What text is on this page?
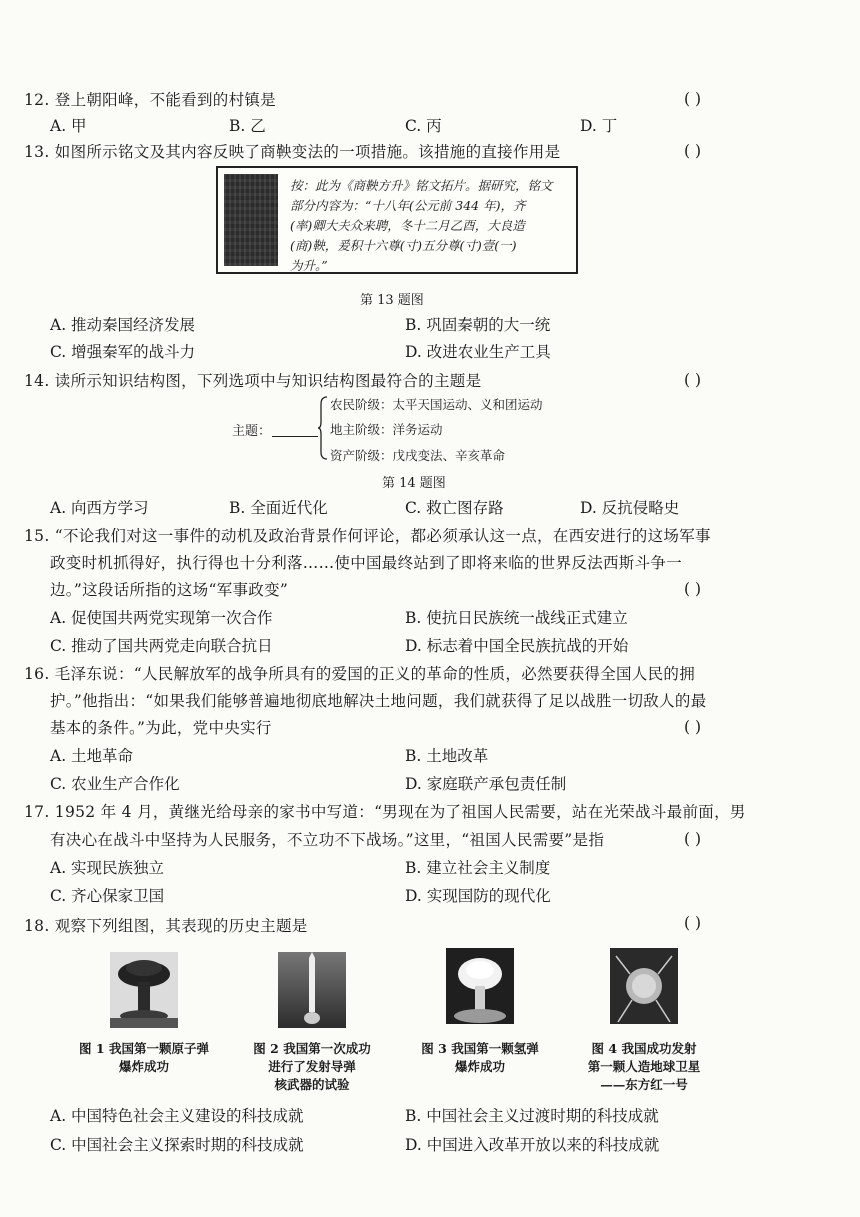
12. 登上朝阳峰，不能看到的村镇是	( )
A. 甲	B. 乙	C. 丙	D. 丁
13. 如图所示铭文及其内容反映了商鞅变法的一项措施。该措施的直接作用是	( )
按：此为《商鞅方升》铭文拓片。据研究，铭文
部分内容为：“十八年(公元前 344 年)，齐
(率)卿大夫众来聘，冬十二月乙酉，大良造
(商)鞅，爰积十六尊(寸)五分尊(寸)壹(一)
为升。”
第 13 题图
A. 推动秦国经济发展	B. 巩固秦朝的大一统
C. 增强秦军的战斗力	D. 改进农业生产工具
14. 读所示知识结构图，下列选项中与知识结构图最符合的主题是	( )
主题：
农民阶级：太平天国运动、义和团运动
地主阶级：洋务运动
资产阶级：戊戌变法、辛亥革命
第 14 题图
A. 向西方学习	B. 全面近代化	C. 救亡图存路	D. 反抗侵略史
15. “不论我们对这一事件的动机及政治背景作何评论，都必须承认这一点，在西安进行的这场军事
政变时机抓得好，执行得也十分利落……使中国最终站到了即将来临的世界反法西斯斗争一
边。”这段话所指的这场“军事政变”	( )
A. 促使国共两党实现第一次合作	B. 使抗日民族统一战线正式建立
C. 推动了国共两党走向联合抗日	D. 标志着中国全民族抗战的开始
16. 毛泽东说：“人民解放军的战争所具有的爱国的正义的革命的性质，必然要获得全国人民的拥
护。”他指出：“如果我们能够普遍地彻底地解决土地问题，我们就获得了足以战胜一切敌人的最
基本的条件。”为此，党中央实行	( )
A. 土地革命	B. 土地改革
C. 农业生产合作化	D. 家庭联产承包责任制
17. 1952 年 4 月，黄继光给母亲的家书中写道：“男现在为了祖国人民需要，站在光荣战斗最前面，男
有决心在战斗中坚持为人民服务，不立功不下战场。”这里，“祖国人民需要”是指	( )
A. 实现民族独立	B. 建立社会主义制度
C. 齐心保家卫国	D. 实现国防的现代化
18. 观察下列组图，其表现的历史主题是	( )
图 1 我国第一颗原子弹
爆炸成功
图 2 我国第一次成功
进行了发射导弹
核武器的试验
图 3 我国第一颗氢弹
爆炸成功
图 4 我国成功发射
第一颗人造地球卫星
——东方红一号
A. 中国特色社会主义建设的科技成就	B. 中国社会主义过渡时期的科技成就
C. 中国社会主义探索时期的科技成就	D. 中国进入改革开放以来的科技成就
